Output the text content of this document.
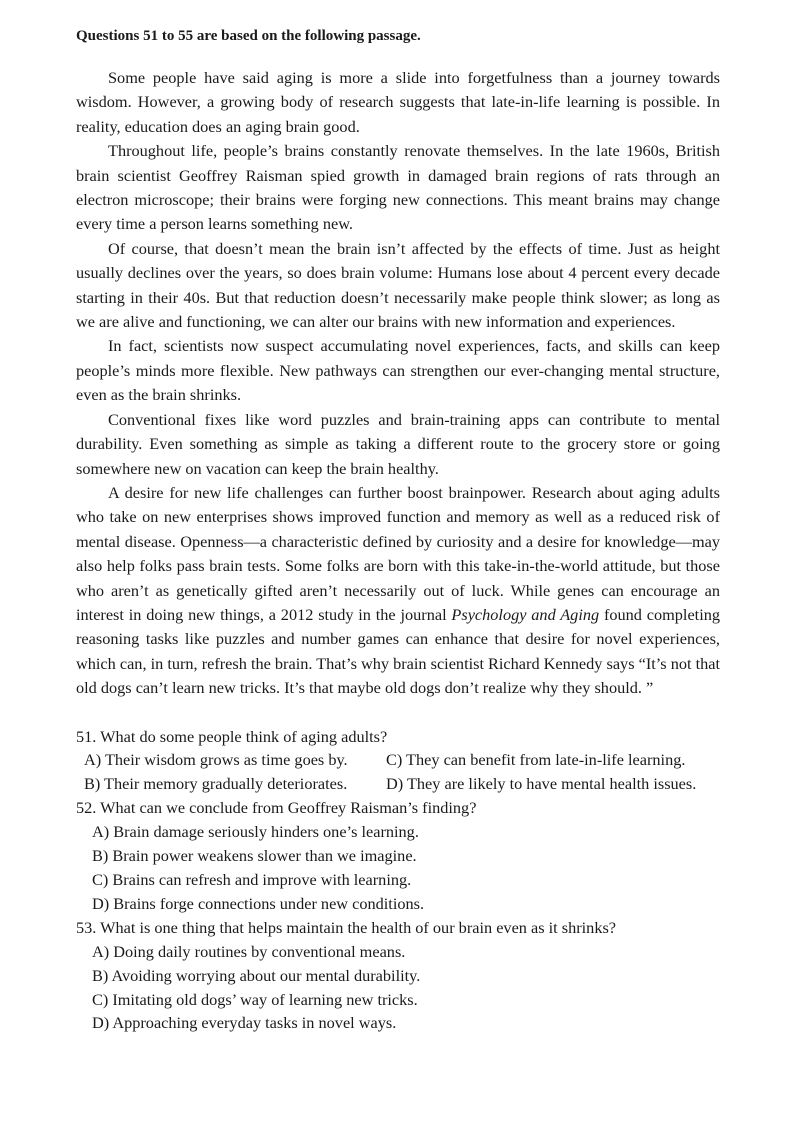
Questions 51 to 55 are based on the following passage.

Some people have said aging is more a slide into forgetfulness than a journey towards wisdom. However, a growing body of research suggests that late-in-life learning is possible. In reality, education does an aging brain good.

Throughout life, people’s brains constantly renovate themselves. In the late 1960s, British brain scientist Geoffrey Raisman spied growth in damaged brain regions of rats through an electron microscope; their brains were forging new connections. This meant brains may change every time a person learns something new.

Of course, that doesn’t mean the brain isn’t affected by the effects of time. Just as height usually declines over the years, so does brain volume: Humans lose about 4 percent every decade starting in their 40s. But that reduction doesn’t necessarily make people think slower; as long as we are alive and functioning, we can alter our brains with new information and experiences.

In fact, scientists now suspect accumulating novel experiences, facts, and skills can keep people’s minds more flexible. New pathways can strengthen our ever-changing mental structure, even as the brain shrinks.

Conventional fixes like word puzzles and brain-training apps can contribute to mental durability. Even something as simple as taking a different route to the grocery store or going somewhere new on vacation can keep the brain healthy.

A desire for new life challenges can further boost brainpower. Research about aging adults who take on new enterprises shows improved function and memory as well as a reduced risk of mental disease. Openness—a characteristic defined by curiosity and a desire for knowledge—may also help folks pass brain tests. Some folks are born with this take-in-the-world attitude, but those who aren’t as genetically gifted aren’t necessarily out of luck. While genes can encourage an interest in doing new things, a 2012 study in the journal Psychology and Aging found completing reasoning tasks like puzzles and number games can enhance that desire for novel experiences, which can, in turn, refresh the brain. That’s why brain scientist Richard Kennedy says “It’s not that old dogs can’t learn new tricks. It’s that maybe old dogs don’t realize why they should. ”

51. What do some people think of aging adults?

A) Their wisdom grows as time goes by.	C) They can benefit from late-in-life learning.

B) Their memory gradually deteriorates.	D) They are likely to have mental health issues.

52. What can we conclude from Geoffrey Raisman’s finding?

A) Brain damage seriously hinders one’s learning.

B) Brain power weakens slower than we imagine.

C) Brains can refresh and improve with learning.

D) Brains forge connections under new conditions.

53. What is one thing that helps maintain the health of our brain even as it shrinks?

A) Doing daily routines by conventional means.

B) Avoiding worrying about our mental durability.

C) Imitating old dogs’ way of learning new tricks.

D) Approaching everyday tasks in novel ways.
